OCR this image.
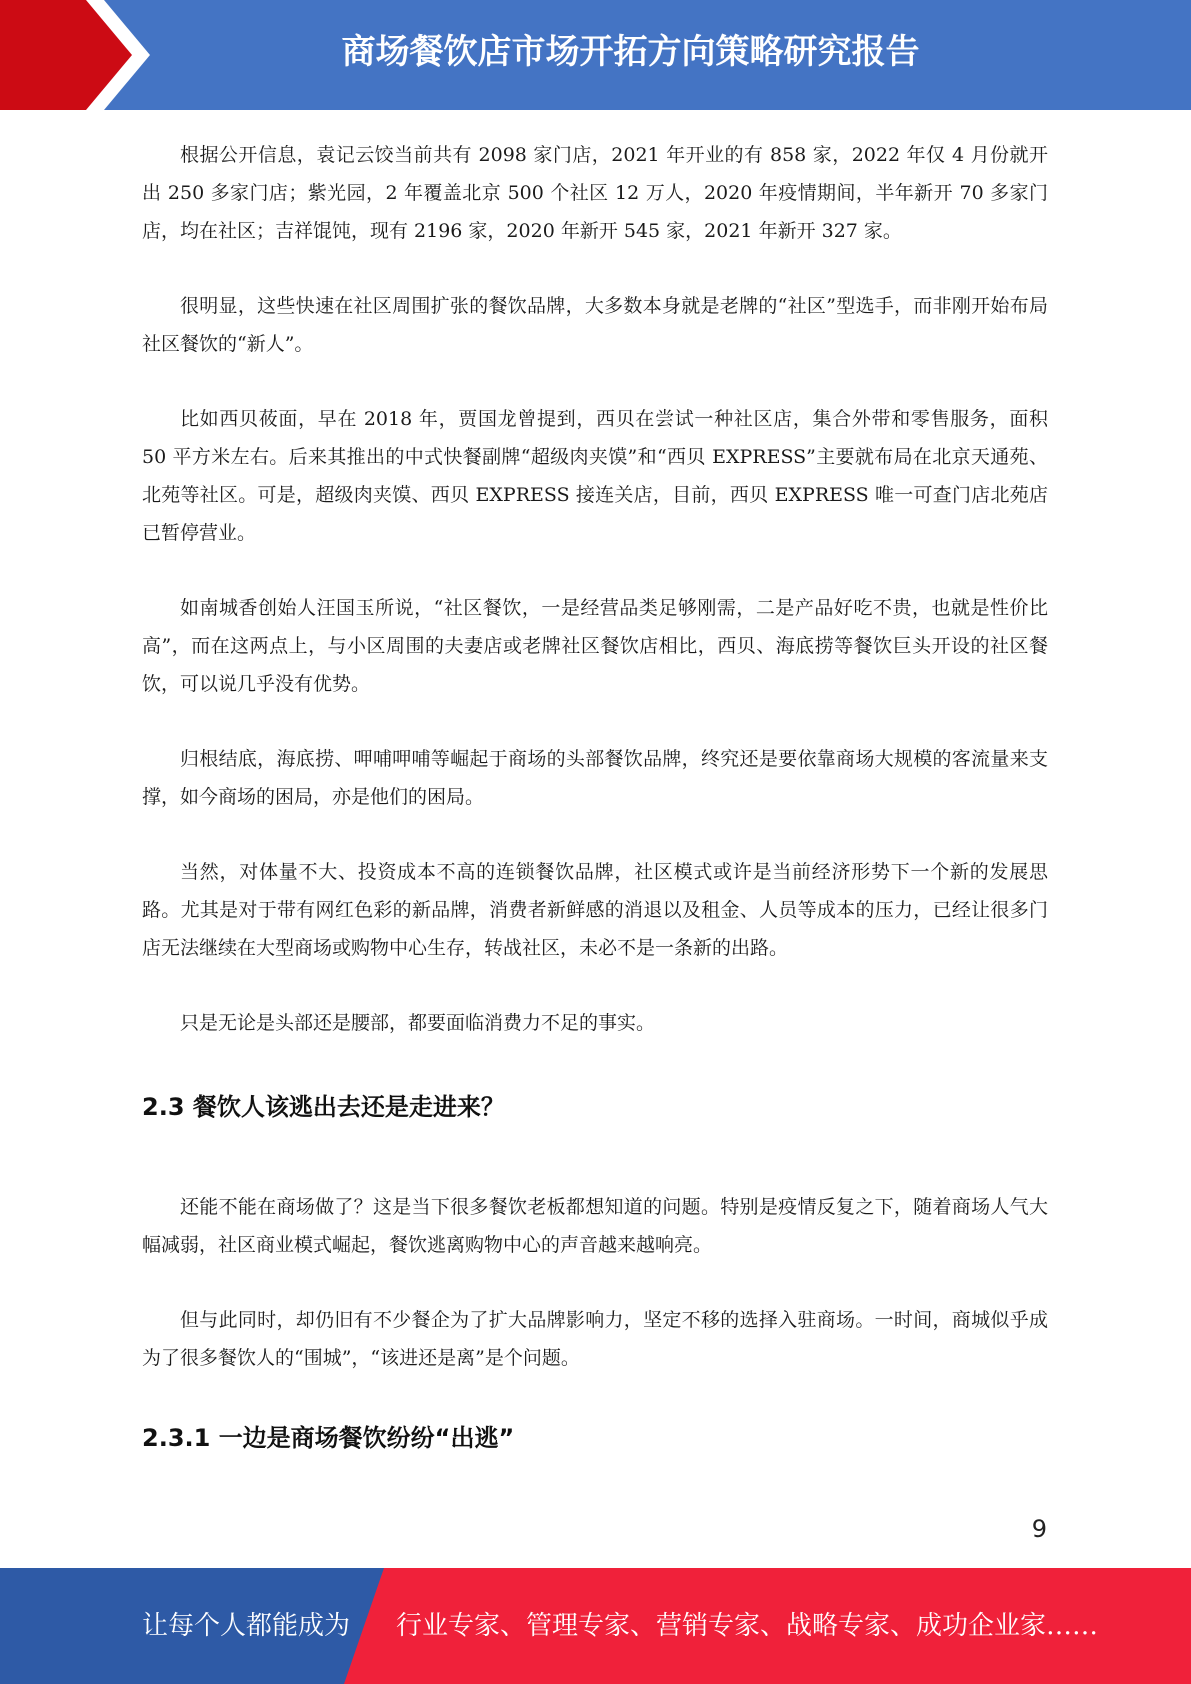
商场餐饮店市场开拓方向策略研究报告

根据公开信息，袁记云饺当前共有 2098 家门店，2021 年开业的有 858 家，2022 年仅 4 月份就开出 250 多家门店；紫光园，2 年覆盖北京 500 个社区 12 万人，2020 年疫情期间，半年新开 70 多家门店，均在社区；吉祥馄饨，现有 2196 家，2020 年新开 545 家，2021 年新开 327 家。

很明显，这些快速在社区周围扩张的餐饮品牌，大多数本身就是老牌的“社区”型选手，而非刚开始布局社区餐饮的“新人”。

比如西贝莜面，早在 2018 年，贾国龙曾提到，西贝在尝试一种社区店，集合外带和零售服务，面积 50 平方米左右。后来其推出的中式快餐副牌“超级肉夹馍”和“西贝 EXPRESS”主要就布局在北京天通苑、北苑等社区。可是，超级肉夹馍、西贝 EXPRESS 接连关店，目前，西贝 EXPRESS 唯一可查门店北苑店已暂停营业。

如南城香创始人汪国玉所说，“社区餐饮，一是经营品类足够刚需，二是产品好吃不贵，也就是性价比高”，而在这两点上，与小区周围的夫妻店或老牌社区餐饮店相比，西贝、海底捞等餐饮巨头开设的社区餐饮，可以说几乎没有优势。

归根结底，海底捞、呷哺呷哺等崛起于商场的头部餐饮品牌，终究还是要依靠商场大规模的客流量来支撑，如今商场的困局，亦是他们的困局。

当然，对体量不大、投资成本不高的连锁餐饮品牌，社区模式或许是当前经济形势下一个新的发展思路。尤其是对于带有网红色彩的新品牌，消费者新鲜感的消退以及租金、人员等成本的压力，已经让很多门店无法继续在大型商场或购物中心生存，转战社区，未必不是一条新的出路。

只是无论是头部还是腰部，都要面临消费力不足的事实。

2.3 餐饮人该逃出去还是走进来？

还能不能在商场做了？这是当下很多餐饮老板都想知道的问题。特别是疫情反复之下，随着商场人气大幅减弱，社区商业模式崛起，餐饮逃离购物中心的声音越来越响亮。

但与此同时，却仍旧有不少餐企为了扩大品牌影响力，坚定不移的选择入驻商场。一时间，商城似乎成为了很多餐饮人的“围城”，“该进还是离”是个问题。

2.3.1 一边是商场餐饮纷纷“出逃”
9
让每个人都能成为 行业专家、管理专家、营销专家、战略专家、成功企业家……
